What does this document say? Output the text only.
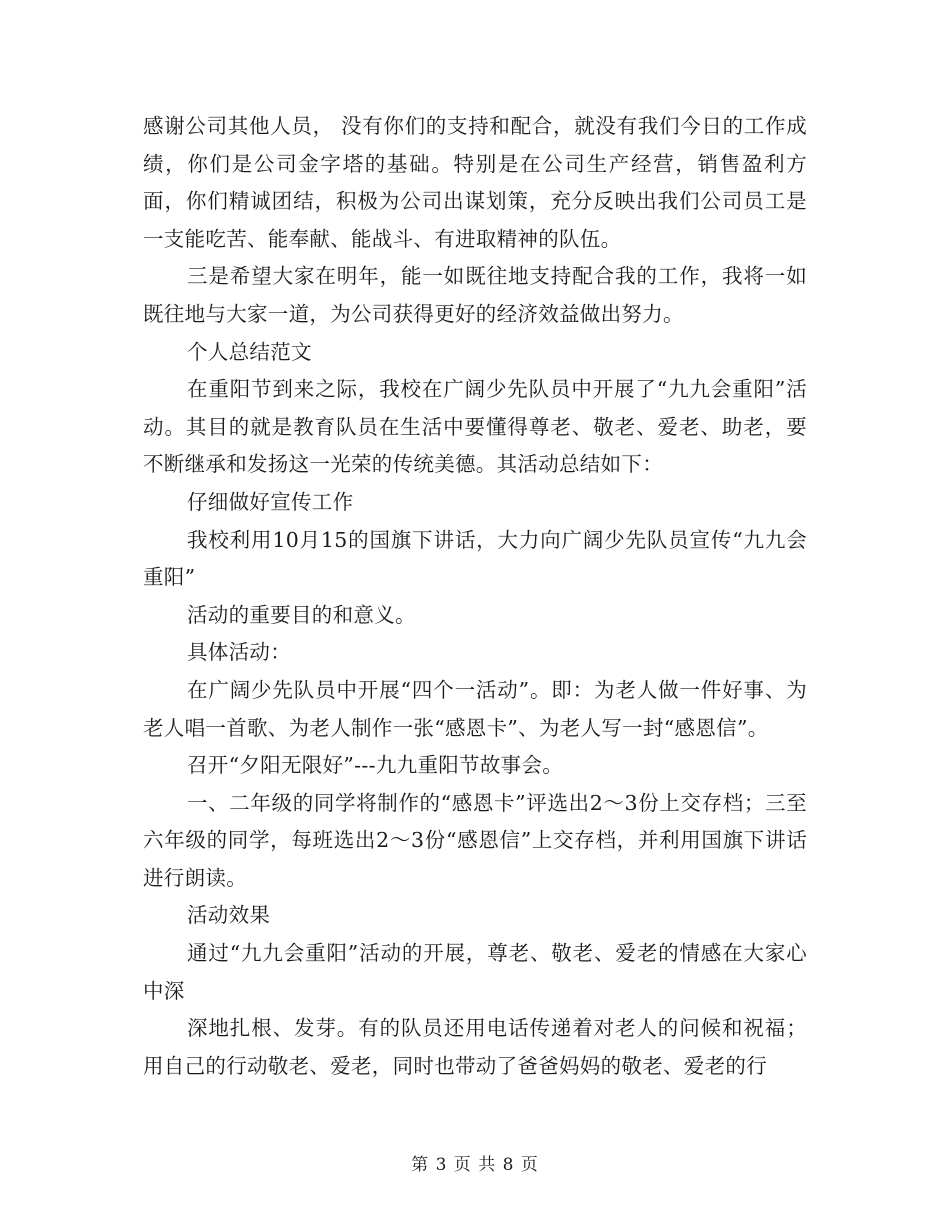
感谢公司其他人员， 没有你们的支持和配合，就没有我们今日的工作成绩，你们是公司金字塔的基础。特别是在公司生产经营，销售盈利方面，你们精诚团结，积极为公司出谋划策，充分反映出我们公司员工是一支能吃苦、能奉献、能战斗、有进取精神的队伍。

三是希望大家在明年，能一如既往地支持配合我的工作，我将一如既往地与大家一道，为公司获得更好的经济效益做出努力。

个人总结范文

在重阳节到来之际，我校在广阔少先队员中开展了“九九会重阳”活动。其目的就是教育队员在生活中要懂得尊老、敬老、爱老、助老，要不断继承和发扬这一光荣的传统美德。其活动总结如下：

仔细做好宣传工作

我校利用10月15的国旗下讲话，大力向广阔少先队员宣传“九九会重阳”

活动的重要目的和意义。

具体活动：

在广阔少先队员中开展“四个一活动”。即：为老人做一件好事、为老人唱一首歌、为老人制作一张“感恩卡”、为老人写一封“感恩信”。

召开“夕阳无限好”---九九重阳节故事会。

一、二年级的同学将制作的“感恩卡”评选出2～3份上交存档；三至六年级的同学，每班选出2～3份“感恩信”上交存档，并利用国旗下讲话进行朗读。

活动效果

通过“九九会重阳”活动的开展，尊老、敬老、爱老的情感在大家心中深

深地扎根、发芽。有的队员还用电话传递着对老人的问候和祝福；用自己的行动敬老、爱老，同时也带动了爸爸妈妈的敬老、爱老的行

第 3 页 共 8 页
